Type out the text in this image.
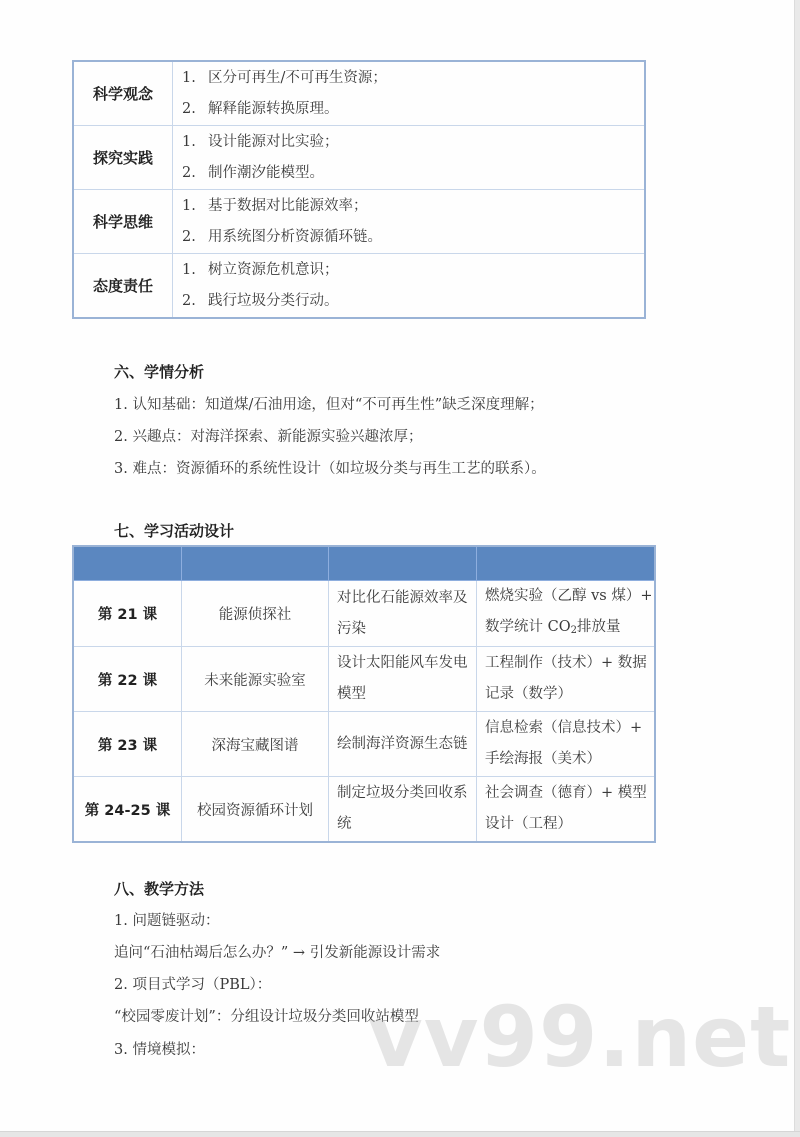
科学观念	1. 区分可再生/不可再生资源；
2. 解释能源转换原理。

探究实践	1. 设计能源对比实验；
2. 制作潮汐能模型。

科学思维	1. 基于数据对比能源效率；
2. 用系统图分析资源循环链。

态度责任	1. 树立资源危机意识；
2. 践行垃圾分类行动。
六、学情分析
1. 认知基础：知道煤/石油用途，但对“不可再生性”缺乏深度理解；
2. 兴趣点：对海洋探索、新能源实验兴趣浓厚；
3. 难点：资源循环的系统性设计（如垃圾分类与再生工艺的联系）。
七、学习活动设计

第 21 课	能源侦探社	对比化石能源效率及污染	燃烧实验（乙醇 vs 煤）+ 数学统计 $CO_2$排放量
第 22 课	未来能源实验室	设计太阳能风车发电模型	工程制作（技术）+ 数据记录（数学）
第 23 课	深海宝藏图谱	绘制海洋资源生态链	信息检索（信息技术）+ 手绘海报（美术）
第 24-25 课	校园资源循环计划	制定垃圾分类回收系统	社会调查（德育）+ 模型设计（工程）
八、教学方法
1. 问题链驱动：
追问“石油枯竭后怎么办？” → 引发新能源设计需求
2. 项目式学习（PBL）：
“校园零废计划”：分组设计垃圾分类回收站模型
3. 情境模拟： vv99.net
